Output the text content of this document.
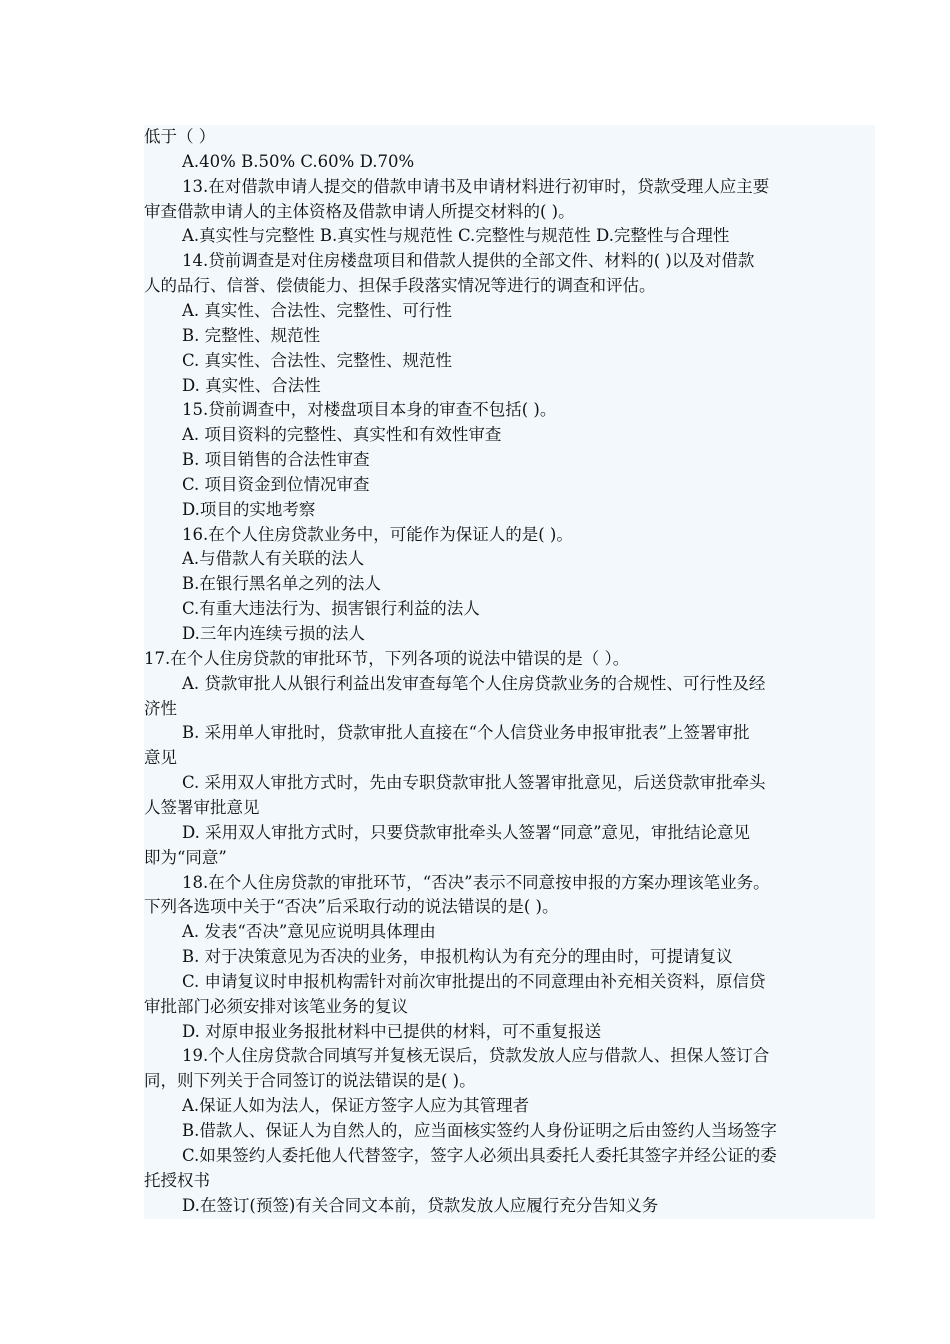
低于（ ）
A.40% B.50% C.60% D.70%
13.在对借款申请人提交的借款申请书及申请材料进行初审时，贷款受理人应主要
审查借款申请人的主体资格及借款申请人所提交材料的( )。
A.真实性与完整性 B.真实性与规范性 C.完整性与规范性 D.完整性与合理性
14.贷前调查是对住房楼盘项目和借款人提供的全部文件、材料的( )以及对借款
人的品行、信誉、偿债能力、担保手段落实情况等进行的调查和评估。
A. 真实性、合法性、完整性、可行性
B. 完整性、规范性
C. 真实性、合法性、完整性、规范性
D. 真实性、合法性
15.贷前调查中，对楼盘项目本身的审查不包括( )。
A. 项目资料的完整性、真实性和有效性审查
B. 项目销售的合法性审查
C. 项目资金到位情况审查
D.项目的实地考察
16.在个人住房贷款业务中，可能作为保证人的是( )。
A.与借款人有关联的法人
B.在银行黑名单之列的法人
C.有重大违法行为、损害银行利益的法人
D.三年内连续亏损的法人
17.在个人住房贷款的审批环节，下列各项的说法中错误的是（ ）。
A. 贷款审批人从银行利益出发审查每笔个人住房贷款业务的合规性、可行性及经
济性
B. 采用单人审批时，贷款审批人直接在“个人信贷业务申报审批表”上签署审批
意见
C. 采用双人审批方式时，先由专职贷款审批人签署审批意见，后送贷款审批牵头
人签署审批意见
D. 采用双人审批方式时，只要贷款审批牵头人签署“同意”意见，审批结论意见
即为“同意”
18.在个人住房贷款的审批环节，“否决”表示不同意按申报的方案办理该笔业务。
下列各选项中关于“否决”后采取行动的说法错误的是( )。
A. 发表“否决”意见应说明具体理由
B. 对于决策意见为否决的业务，申报机构认为有充分的理由时，可提请复议
C. 申请复议时申报机构需针对前次审批提出的不同意理由补充相关资料，原信贷
审批部门必须安排对该笔业务的复议
D. 对原申报业务报批材料中已提供的材料，可不重复报送
19.个人住房贷款合同填写并复核无误后，贷款发放人应与借款人、担保人签订合
同，则下列关于合同签订的说法错误的是( )。
A.保证人如为法人，保证方签字人应为其管理者
B.借款人、保证人为自然人的，应当面核实签约人身份证明之后由签约人当场签字
C.如果签约人委托他人代替签字，签字人必须出具委托人委托其签字并经公证的委
托授权书
D.在签订(预签)有关合同文本前，贷款发放人应履行充分告知义务
